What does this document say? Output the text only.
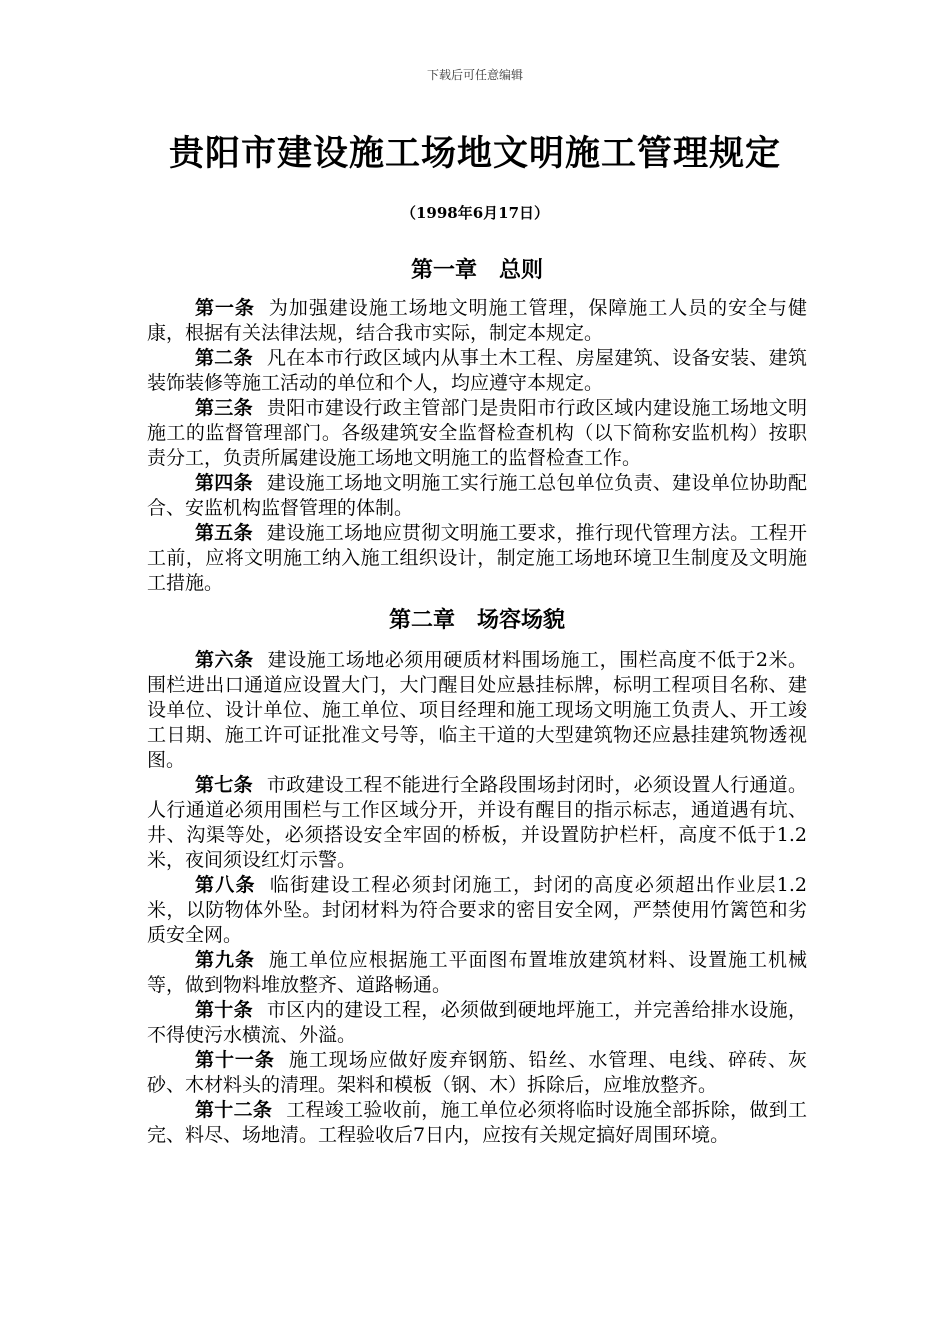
下载后可任意编辑
贵阳市建设施工场地文明施工管理规定
（1998年6月17日）
第一章　总则

第一条 为加强建设施工场地文明施工管理，保障施工人员的安全与健康，根据有关法律法规，结合我市实际，制定本规定。

第二条 凡在本市行政区域内从事土木工程、房屋建筑、设备安装、建筑装饰装修等施工活动的单位和个人，均应遵守本规定。

第三条 贵阳市建设行政主管部门是贵阳市行政区域内建设施工场地文明施工的监督管理部门。各级建筑安全监督检查机构（以下简称安监机构）按职责分工，负责所属建设施工场地文明施工的监督检查工作。

第四条 建设施工场地文明施工实行施工总包单位负责、建设单位协助配合、安监机构监督管理的体制。

第五条 建设施工场地应贯彻文明施工要求，推行现代管理方法。工程开工前，应将文明施工纳入施工组织设计，制定施工场地环境卫生制度及文明施工措施。

第二章　场容场貌

第六条 建设施工场地必须用硬质材料围场施工，围栏高度不低于2米。围栏进出口通道应设置大门，大门醒目处应悬挂标牌，标明工程项目名称、建设单位、设计单位、施工单位、项目经理和施工现场文明施工负责人、开工竣工日期、施工许可证批准文号等，临主干道的大型建筑物还应悬挂建筑物透视图。

第七条 市政建设工程不能进行全路段围场封闭时，必须设置人行通道。人行通道必须用围栏与工作区域分开，并设有醒目的指示标志，通道遇有坑、井、沟渠等处，必须搭设安全牢固的桥板，并设置防护栏杆，高度不低于1.2米，夜间须设红灯示警。

第八条 临街建设工程必须封闭施工，封闭的高度必须超出作业层1.2米，以防物体外坠。封闭材料为符合要求的密目安全网，严禁使用竹篱笆和劣质安全网。

第九条 施工单位应根据施工平面图布置堆放建筑材料、设置施工机械等，做到物料堆放整齐、道路畅通。

第十条 市区内的建设工程，必须做到硬地坪施工，并完善给排水设施，不得使污水横流、外溢。

第十一条 施工现场应做好废弃钢筋、铅丝、水管理、电线、碎砖、灰砂、木材料头的清理。架料和模板（钢、木）拆除后，应堆放整齐。

第十二条 工程竣工验收前，施工单位必须将临时设施全部拆除，做到工完、料尽、场地清。工程验收后7日内，应按有关规定搞好周围环境。
